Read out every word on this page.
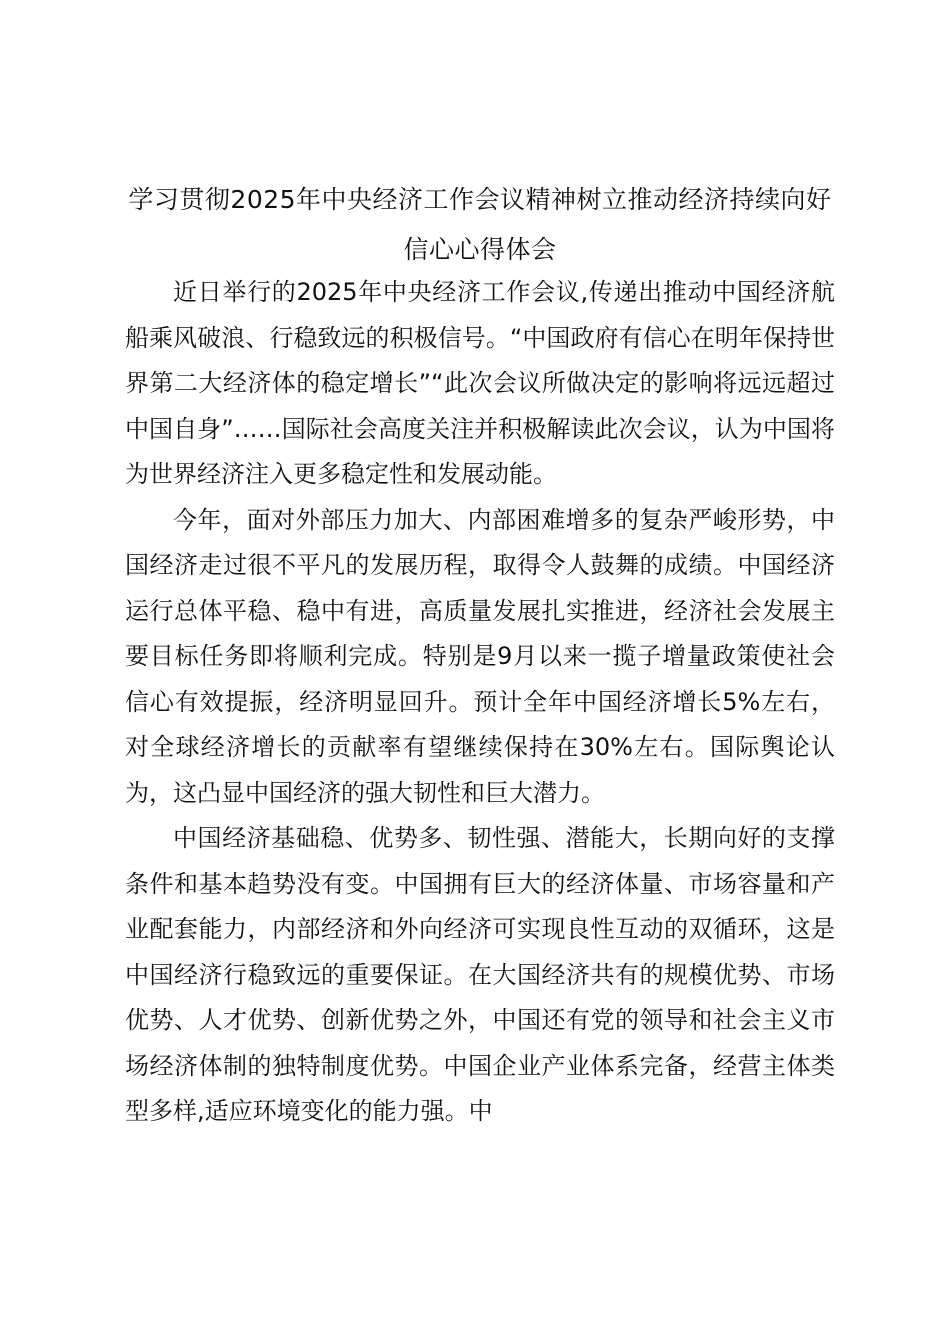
学习贯彻2025年中央经济工作会议精神树立推动经济持续向好信心心得体会

近日举行的2025年中央经济工作会议,传递出推动中国经济航船乘风破浪、行稳致远的积极信号。“中国政府有信心在明年保持世界第二大经济体的稳定增长”“此次会议所做决定的影响将远远超过中国自身”……国际社会高度关注并积极解读此次会议，认为中国将为世界经济注入更多稳定性和发展动能。

今年，面对外部压力加大、内部困难增多的复杂严峻形势，中国经济走过很不平凡的发展历程，取得令人鼓舞的成绩。中国经济运行总体平稳、稳中有进，高质量发展扎实推进，经济社会发展主要目标任务即将顺利完成。特别是9月以来一揽子增量政策使社会信心有效提振，经济明显回升。预计全年中国经济增长5%左右，对全球经济增长的贡献率有望继续保持在30%左右。国际舆论认为，这凸显中国经济的强大韧性和巨大潜力。

中国经济基础稳、优势多、韧性强、潜能大，长期向好的支撑条件和基本趋势没有变。中国拥有巨大的经济体量、市场容量和产业配套能力，内部经济和外向经济可实现良性互动的双循环，这是中国经济行稳致远的重要保证。在大国经济共有的规模优势、市场优势、人才优势、创新优势之外，中国还有党的领导和社会主义市场经济体制的独特制度优势。中国企业产业体系完备，经营主体类型多样,适应环境变化的能力强。中
